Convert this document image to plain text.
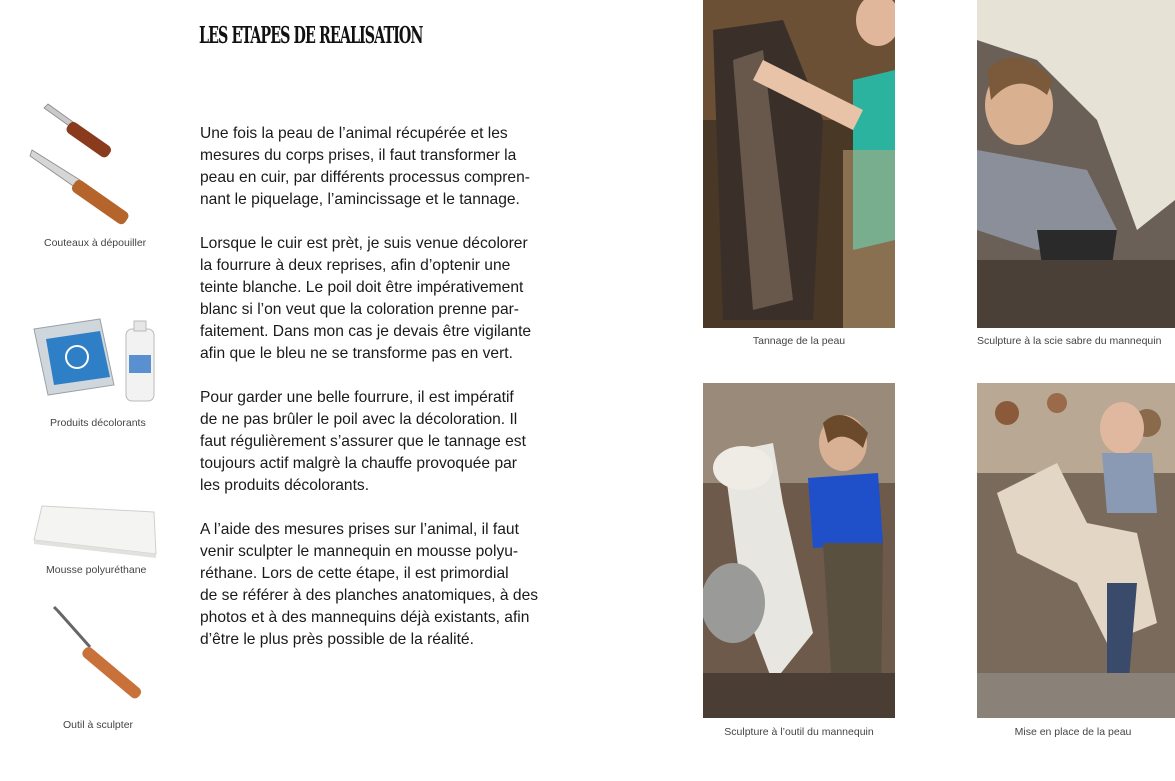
LES ETAPES DE REALISATION

Une fois la peau de l’animal récupérée et les
mesures du corps prises, il faut transformer la
peau en cuir, par différents processus compren-
nant le piquelage, l’amincissage et le tannage.

Lorsque le cuir est prèt, je suis venue décolorer
la fourrure à deux reprises, afin d’optenir une
teinte blanche. Le poil doit être impérativement
blanc si l’on veut que la coloration prenne par-
faitement. Dans mon cas je devais être vigilante
afin que le bleu ne se transforme pas en vert.

Pour garder une belle fourrure, il est impératif
de ne pas brûler le poil avec la décoloration. Il
faut régulièrement s’assurer que le tannage est
toujours actif malgrè la chauffe provoquée par
les produits décolorants.

A l’aide des mesures prises sur l’animal, il faut
venir sculpter le mannequin en mousse polyu-
réthane. Lors de cette étape, il est primordial
de se référer à des planches anatomiques, à des
photos et à des mannequins déjà existants, afin
d’être le plus près possible de la réalité.

Couteaux à dépouiller
Produits décolorants
Mousse polyuréthane
Outil à sculpter
Tannage de la peau	Sculpture à la scie sabre du mannequin
Sculpture à l’outil du mannequin	Mise en place de la peau
